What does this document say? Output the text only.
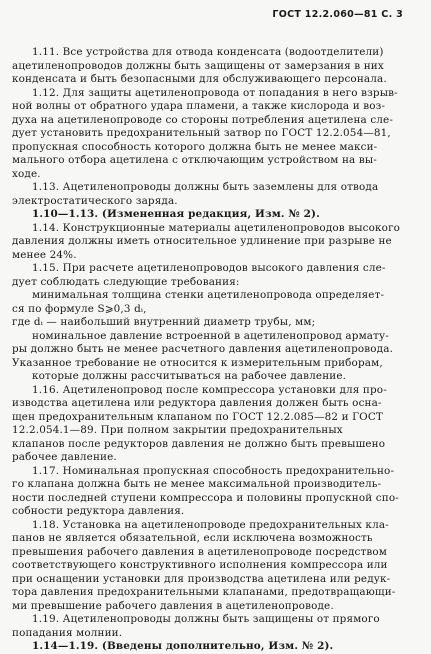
ГОСТ 12.2.060—81 С. 3
1.11. Все устройства для отвода конденсата (водоотделители)
ацетиленопроводов должны быть защищены от замерзания в них
конденсата и быть безопасными для обслуживающего персонала.
1.12. Для защиты ацетиленопровода от попадания в него взрыв-
ной волны от обратного удара пламени, а также кислорода и воз-
духа на ацетиленопроводе со стороны потребления ацетилена сле-
дует установить предохранительный затвор по ГОСТ 12.2.054—81,
пропускная способность которого должна быть не менее макси-
мального отбора ацетилена с отключающим устройством на вы-
ходе.
1.13. Ацетиленопроводы должны быть заземлены для отвода
электростатического заряда.
1.10—1.13. (Измененная редакция, Изм. № 2).
1.14. Конструкционные материалы ацетиленопроводов высокого
давления должны иметь относительное удлинение при разрыве не
менее 24%.
1.15. При расчете ацетиленопроводов высокого давления сле-
дует соблюдать следующие требования:
минимальная толщина стенки ацетиленопровода определяет-
ся по формуле S⩾0,3 dᵢ,
где dᵢ — наибольший внутренний диаметр трубы, мм;
номинальное давление встроенной в ацетиленопровод армату-
ры должно быть не менее расчетного давления ацетиленопровода.
Указанное требование не относится к измерительным приборам,
которые должны рассчитываться на рабочее давление.
1.16. Ацетиленопровод после компрессора установки для про-
изводства ацетилена или редуктора давления должен быть осна-
щен предохранительным клапаном по ГОСТ 12.2.085—82 и ГОСТ
12.2.054.1—89. При полном закрытии предохранительных
клапанов после редукторов давления не должно быть превышено
рабочее давление.
1.17. Номинальная пропускная способность предохранительно-
го клапана должна быть не менее максимальной производитель-
ности последней ступени компрессора и половины пропускной спо-
собности редуктора давления.
1.18. Установка на ацетиленопроводе предохранительных кла-
панов не является обязательной, если исключена возможность
превышения рабочего давления в ацетиленопроводе посредством
соответствующего конструктивного исполнения компрессора или
при оснащении установки для производства ацетилена или редук-
тора давления предохранительными клапанами, предотвращающи-
ми превышение рабочего давления в ацетиленопроводе.
1.19. Ацетиленопроводы должны быть защищены от прямого
попадания молнии.
1.14—1.19. (Введены дополнительно, Изм. № 2).
